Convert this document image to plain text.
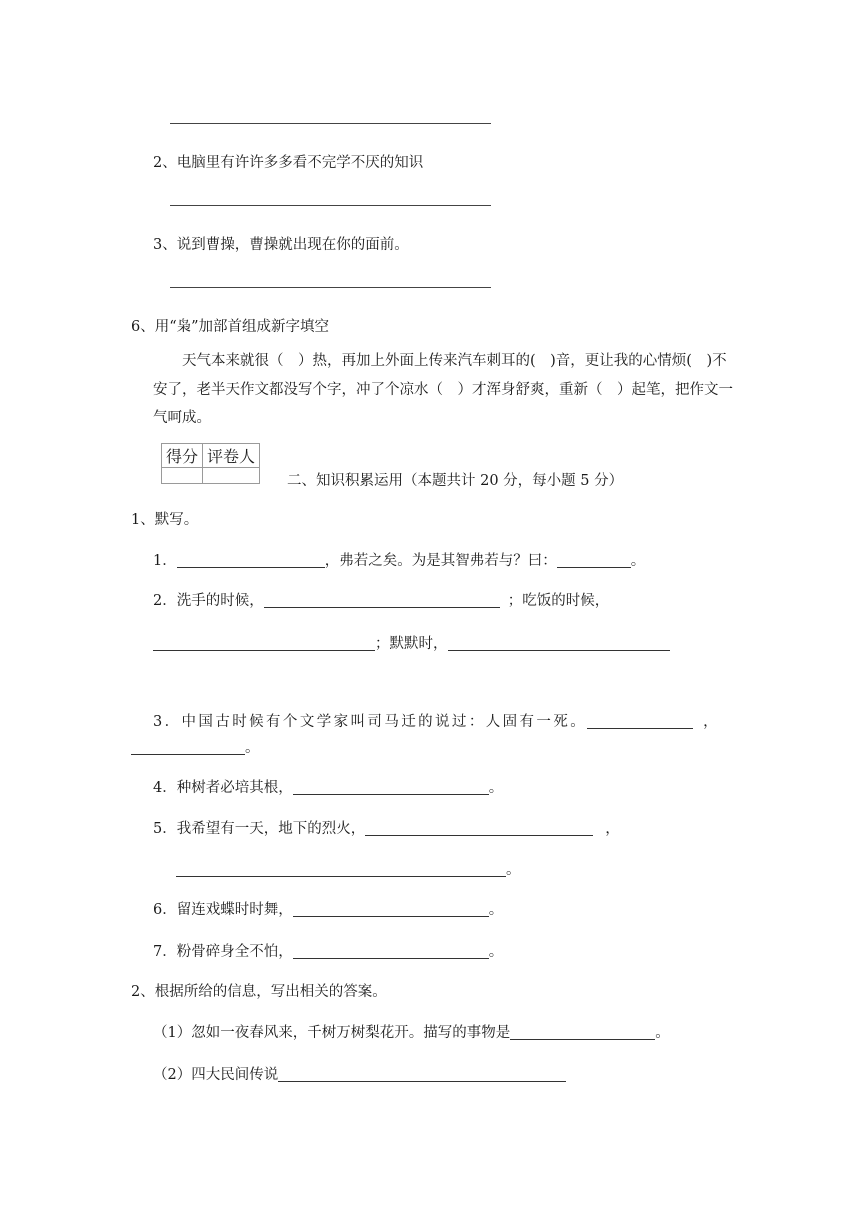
2、电脑里有许许多多看不完学不厌的知识
3、说到曹操，曹操就出现在你的面前。
6、用“枭”加部首组成新字填空
天气本来就很（　）热，再加上外面上传来汽车刺耳的(　)音，更让我的心情烦(　)不安了，老半天作文都没写个字，冲了个凉水（　）才浑身舒爽，重新（　）起笔，把作文一气呵成。
得分	评卷人

二、知识积累运用（本题共计 20 分，每小题 5 分）
1、默写。
1．	，弗若之矣。为是其智弗若与？曰：	。
2．洗手的时候，	；吃饭的时候，
；默默时，
3．中国古时候有个文学家叫司马迁的说过：人固有一死。	，
。
4．种树者必培其根，	。
5．我希望有一天，地下的烈火，	，
。
6．留连戏蝶时时舞，	。
7．粉骨碎身全不怕，	。
2、根据所给的信息，写出相关的答案。
（1）忽如一夜春风来，千树万树梨花开。描写的事物是	。
（2）四大民间传说
